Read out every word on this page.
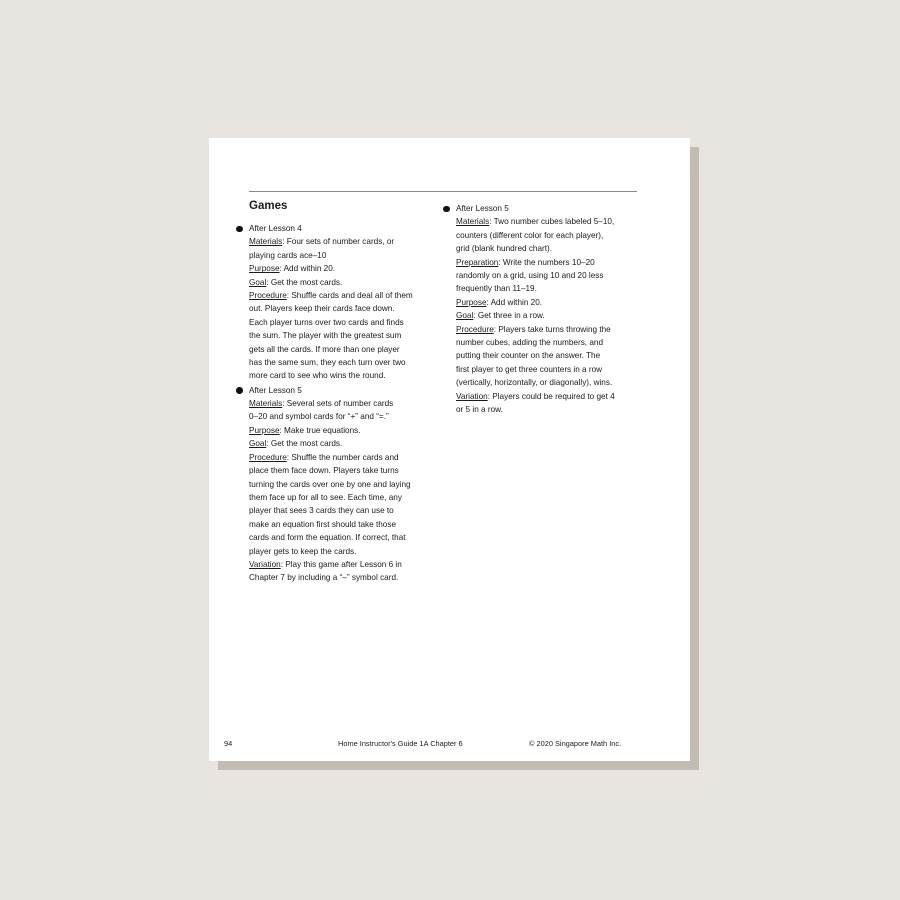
Games
After Lesson 4
Materials: Four sets of number cards, or
playing cards ace–10
Purpose: Add within 20.
Goal: Get the most cards.
Procedure: Shuffle cards and deal all of them
out. Players keep their cards face down.
Each player turns over two cards and finds
the sum. The player with the greatest sum
gets all the cards. If more than one player
has the same sum, they each turn over two
more card to see who wins the round.
After Lesson 5
Materials: Several sets of number cards
0–20 and symbol cards for “+” and “=.”
Purpose: Make true equations.
Goal: Get the most cards.
Procedure: Shuffle the number cards and
place them face down. Players take turns
turning the cards over one by one and laying
them face up for all to see. Each time, any
player that sees 3 cards they can use to
make an equation first should take those
cards and form the equation. If correct, that
player gets to keep the cards.
Variation: Play this game after Lesson 6 in
Chapter 7 by including a “–” symbol card.
After Lesson 5
Materials: Two number cubes labeled 5–10,
counters (different color for each player),
grid (blank hundred chart).
Preparation: Write the numbers 10–20
randomly on a grid, using 10 and 20 less
frequently than 11–19.
Purpose: Add within 20.
Goal: Get three in a row.
Procedure: Players take turns throwing the
number cubes, adding the numbers, and
putting their counter on the answer. The
first player to get three counters in a row
(vertically, horizontally, or diagonally), wins.
Variation: Players could be required to get 4
or 5 in a row.
94	Home Instructor's Guide 1A Chapter 6	© 2020 Singapore Math Inc.
